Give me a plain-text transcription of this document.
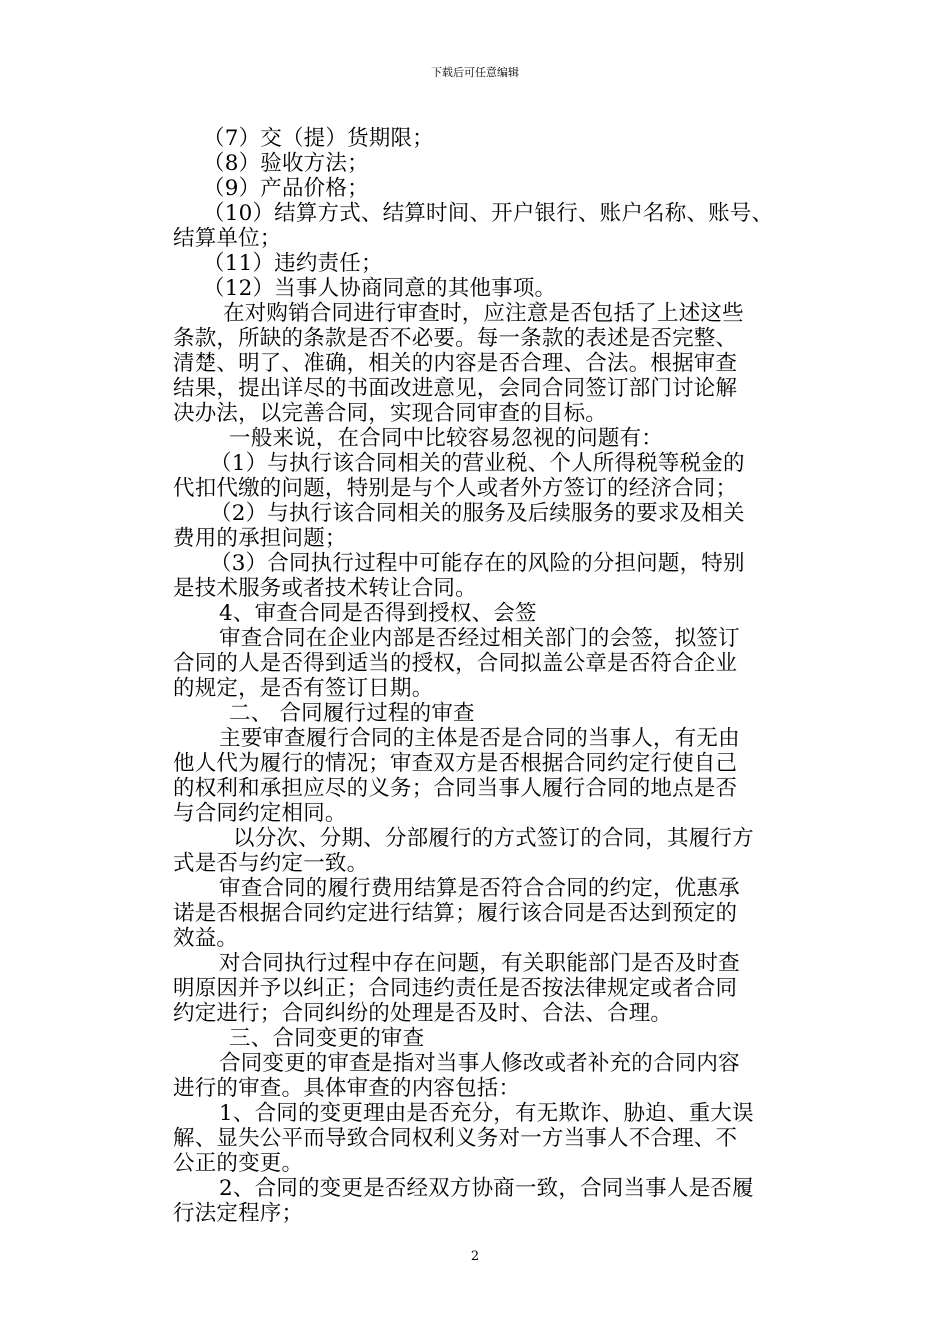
下载后可任意编辑
（7）交（提）货期限；
（8）验收方法；
（9）产品价格；
（10）结算方式、结算时间、开户银行、账户名称、账号、
结算单位；
（11）违约责任；
（12）当事人协商同意的其他事项。
在对购销合同进行审查时，应注意是否包括了上述这些
条款，所缺的条款是否不必要。每一条款的表述是否完整、
清楚、明了、准确，相关的内容是否合理、合法。根据审查
结果，提出详尽的书面改进意见，会同合同签订部门讨论解
决办法，以完善合同，实现合同审查的目标。
一般来说，在合同中比较容易忽视的问题有：
（1）与执行该合同相关的营业税、个人所得税等税金的
代扣代缴的问题，特别是与个人或者外方签订的经济合同；
（2）与执行该合同相关的服务及后续服务的要求及相关
费用的承担问题；
（3）合同执行过程中可能存在的风险的分担问题，特别
是技术服务或者技术转让合同。
4、审查合同是否得到授权、会签
审查合同在企业内部是否经过相关部门的会签，拟签订
合同的人是否得到适当的授权，合同拟盖公章是否符合企业
的规定，是否有签订日期。
二、 合同履行过程的审查
主要审查履行合同的主体是否是合同的当事人，有无由
他人代为履行的情况；审查双方是否根据合同约定行使自己
的权利和承担应尽的义务；合同当事人履行合同的地点是否
与合同约定相同。
以分次、分期、分部履行的方式签订的合同，其履行方
式是否与约定一致。
审查合同的履行费用结算是否符合合同的约定，优惠承
诺是否根据合同约定进行结算；履行该合同是否达到预定的
效益。
对合同执行过程中存在问题，有关职能部门是否及时查
明原因并予以纠正；合同违约责任是否按法律规定或者合同
约定进行；合同纠纷的处理是否及时、合法、合理。
三、合同变更的审查
合同变更的审查是指对当事人修改或者补充的合同内容
进行的审查。具体审查的内容包括：
1、合同的变更理由是否充分，有无欺诈、胁迫、重大误
解、显失公平而导致合同权利义务对一方当事人不合理、不
公正的变更。
2、合同的变更是否经双方协商一致，合同当事人是否履
行法定程序；
2
